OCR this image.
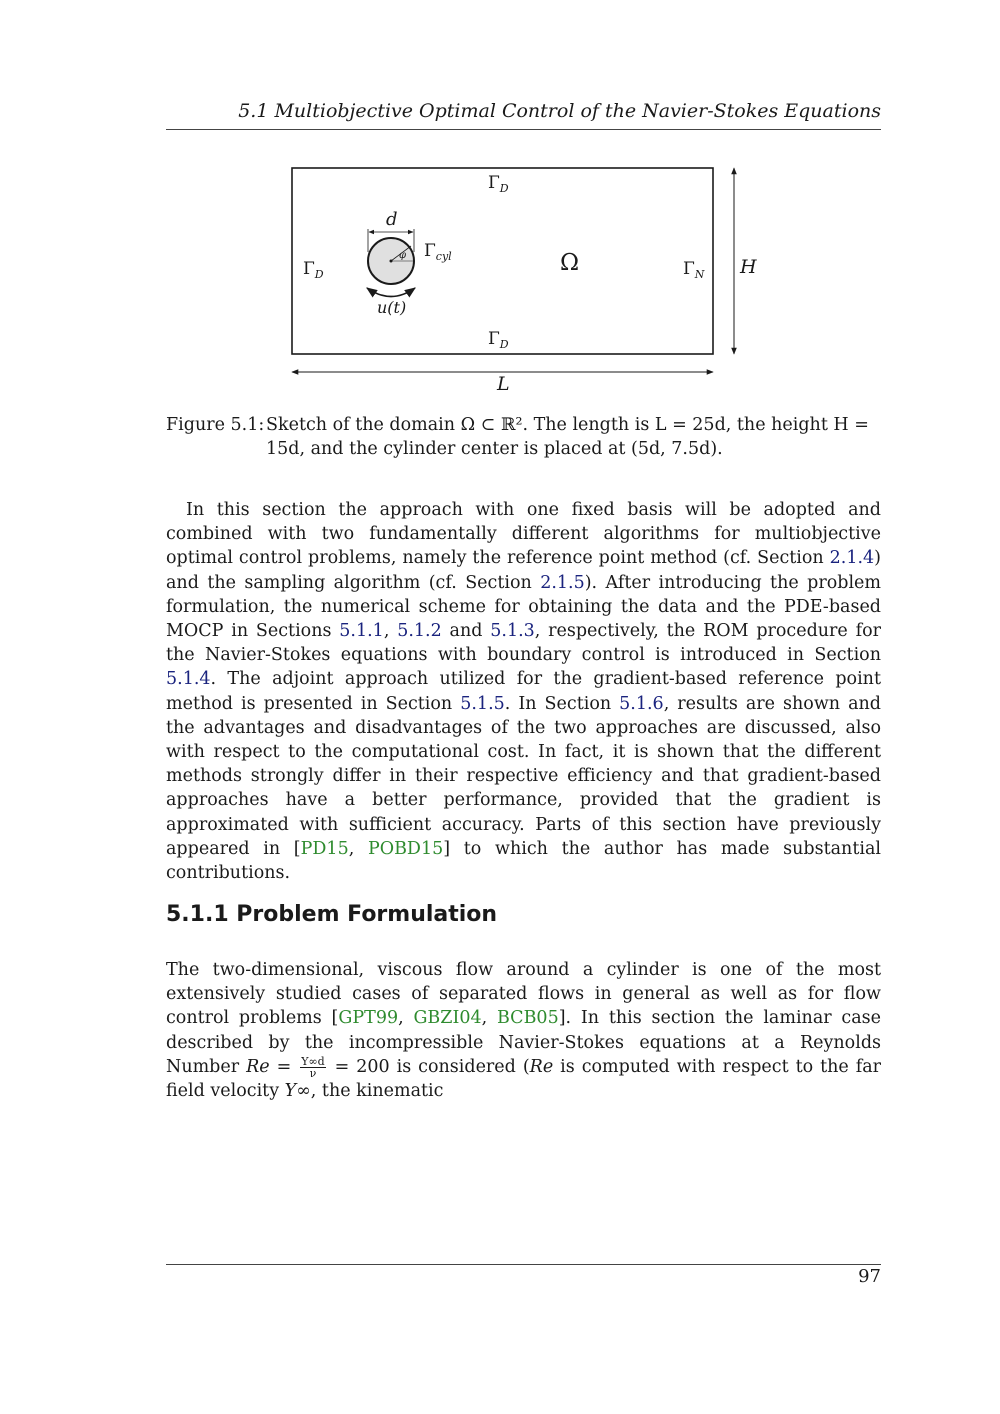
5.1 Multiobjective Optimal Control of the Navier-Stokes Equations
$\Gamma_D$
$\Gamma_D$
$\Gamma_D$	$\Gamma_N$
$\Gamma_{cyl}$	Ω
d
u(t)
φ
H
L
Figure 5.1: Sketch of the domain Ω ⊂ ℝ². The length is L = 25d, the height H = 15d, and the cylinder center is placed at (5d, 7.5d).

In this section the approach with one fixed basis will be adopted and combined with two fundamentally different algorithms for multiobjective optimal control problems, namely the reference point method (cf. Section 2.1.4) and the sampling algorithm (cf. Section 2.1.5). After introducing the problem formulation, the numerical scheme for obtaining the data and the PDE-based MOCP in Sections 5.1.1, 5.1.2 and 5.1.3, respectively, the ROM procedure for the Navier-Stokes equations with boundary control is introduced in Section 5.1.4. The adjoint approach utilized for the gradient-based reference point method is presented in Section 5.1.5. In Section 5.1.6, results are shown and the advantages and disadvantages of the two approaches are discussed, also with respect to the computational cost. In fact, it is shown that the different methods strongly differ in their respective efficiency and that gradient-based approaches have a better performance, provided that the gradient is approximated with sufficient accuracy. Parts of this section have previously appeared in [PD15, POBD15] to which the author has made substantial contributions.

5.1.1 Problem Formulation

The two-dimensional, viscous flow around a cylinder is one of the most extensively studied cases of separated flows in general as well as for flow control problems [GPT99, GBZI04, BCB05]. In this section the laminar case described by the incompressible Navier-Stokes equations at a Reynolds Number $Re = \frac{Y\infty d}{\nu} = 200$ is considered (Re is computed with respect to the far field velocity Y∞, the kinematic

97
